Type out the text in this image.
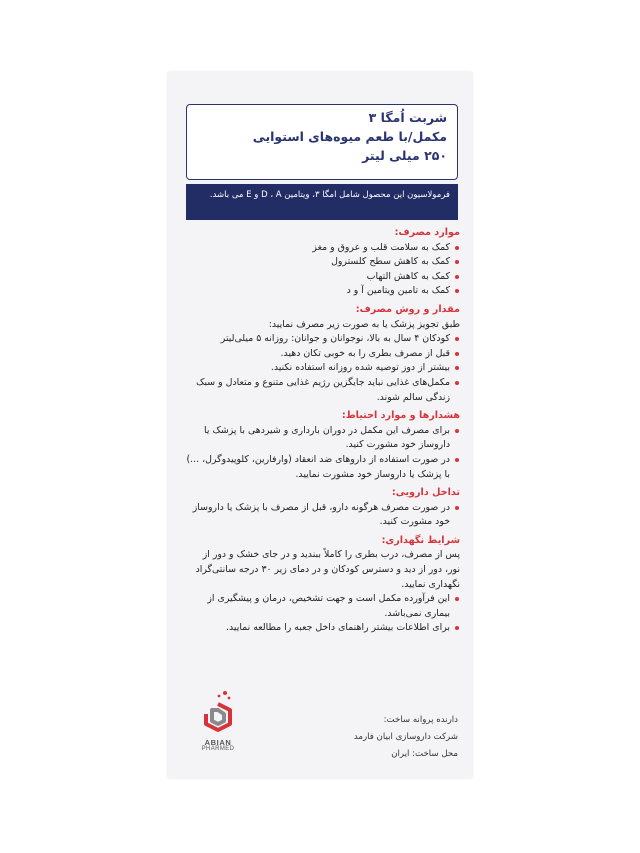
شربت اُمگا ۳
مکمل/با طعم میوه‌های استوایی
۲۵۰ میلی لیتر
فرمولاسیون این محصول شامل امگا ۳، ویتامین D ، A و E می باشد.
موارد مصرف:
کمک به سلامت قلب و عروق و مغز
کمک به کاهش سطح کلسترول
کمک به کاهش التهاب
کمک به تامین ویتامین آ و د
مقدار و روش مصرف:

طبق تجویز پزشک یا به صورت زیر مصرف نمایید:

کودکان ۴ سال به بالا، نوجوانان و جوانان: روزانه ۵ میلی‌لیتر
قبل از مصرف بطری را به خوبی تکان دهید.
بیشتر از دوز توصیه شده روزانه استفاده نکنید.
مکمل‌های غذایی نباید جایگزین رژیم غذایی متنوع و متعادل و سبک زندگی سالم شوند.
هشدارها و موارد احتیاط:
برای مصرف این مکمل در دوران بارداری و شیردهی با پزشک یا داروساز خود مشورت کنید.
در صورت استفاده از داروهای ضد انعقاد (وارفارین، کلوپیدوگرل، ...) با پزشک یا داروساز خود مشورت نمایید.
تداخل دارویی:
در صورت مصرف هرگونه دارو، قبل از مصرف با پزشک یا داروساز خود مشورت کنید.
شرایط نگهداری:

پس از مصرف، درب بطری را کاملاً ببندید و در جای خشک و دور از نور، دور از دید و دسترس کودکان و در دمای زیر ۳۰ درجه سانتی‌گراد نگهداری نمایید.

این فرآورده مکمل است و جهت تشخیص، درمان و پیشگیری از بیماری نمی‌باشد.
برای اطلاعات بیشتر راهنمای داخل جعبه را مطالعه نمایید.
ABIAN
PHARMED
دارنده پروانه ساخت:
شرکت داروسازی ابیان فارمد
محل ساخت: ایران
